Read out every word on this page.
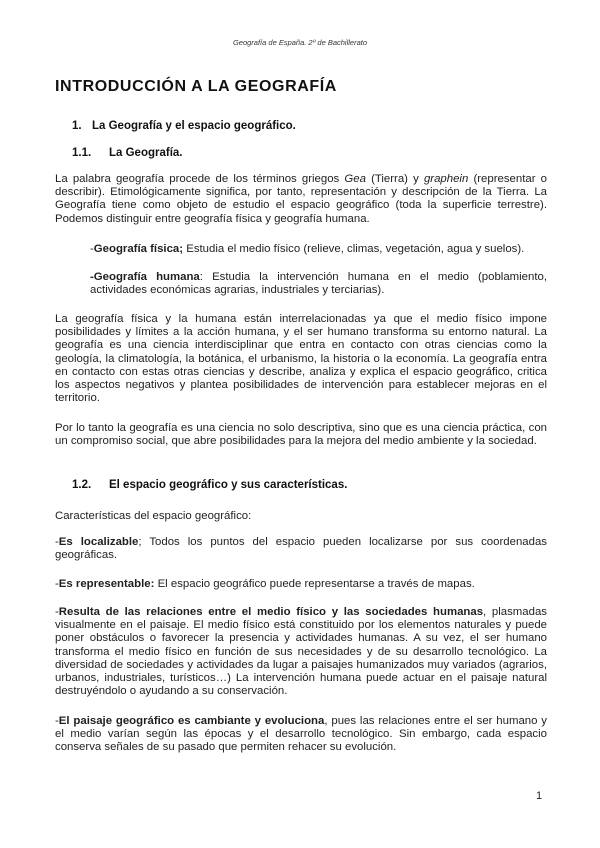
Geografía de España. 2º de Bachillerato
INTRODUCCIÓN A LA GEOGRAFÍA
1. La Geografía y el espacio geográfico.
1.1. La Geografía.
La palabra geografía procede de los términos griegos Gea (Tierra) y graphein (representar o describir). Etimológicamente significa, por tanto, representación y descripción de la Tierra. La Geografía tiene como objeto de estudio el espacio geográfico (toda la superficie terrestre). Podemos distinguir entre geografía física y geografía humana.
-Geografía física; Estudia el medio físico (relieve, climas, vegetación, agua y suelos).
-Geografía humana: Estudia la intervención humana en el medio (poblamiento, actividades económicas agrarias, industriales y terciarias).
La geografía física y la humana están interrelacionadas ya que el medio físico impone posibilidades y límites a la acción humana, y el ser humano transforma su entorno natural. La geografía es una ciencia interdisciplinar que entra en contacto con otras ciencias como la geología, la climatología, la botánica, el urbanismo, la historia o la economía. La geografía entra en contacto con estas otras ciencias y describe, analiza y explica el espacio geográfico, critica los aspectos negativos y plantea posibilidades de intervención para establecer mejoras en el territorio.
Por lo tanto la geografía es una ciencia no solo descriptiva, sino que es una ciencia práctica, con un compromiso social, que abre posibilidades para la mejora del medio ambiente y la sociedad.
1.2. El espacio geográfico y sus características.
Características del espacio geográfico:
-Es localizable; Todos los puntos del espacio pueden localizarse por sus coordenadas geográficas.
-Es representable: El espacio geográfico puede representarse a través de mapas.
-Resulta de las relaciones entre el medio físico y las sociedades humanas, plasmadas visualmente en el paisaje. El medio físico está constituido por los elementos naturales y puede poner obstáculos o favorecer la presencia y actividades humanas. A su vez, el ser humano transforma el medio físico en función de sus necesidades y de su desarrollo tecnológico. La diversidad de sociedades y actividades da lugar a paisajes humanizados muy variados (agrarios, urbanos, industriales, turísticos…) La intervención humana puede actuar en el paisaje natural destruyéndolo o ayudando a su conservación.
-El paisaje geográfico es cambiante y evoluciona, pues las relaciones entre el ser humano y el medio varían según las épocas y el desarrollo tecnológico. Sin embargo, cada espacio conserva señales de su pasado que permiten rehacer su evolución.
1
